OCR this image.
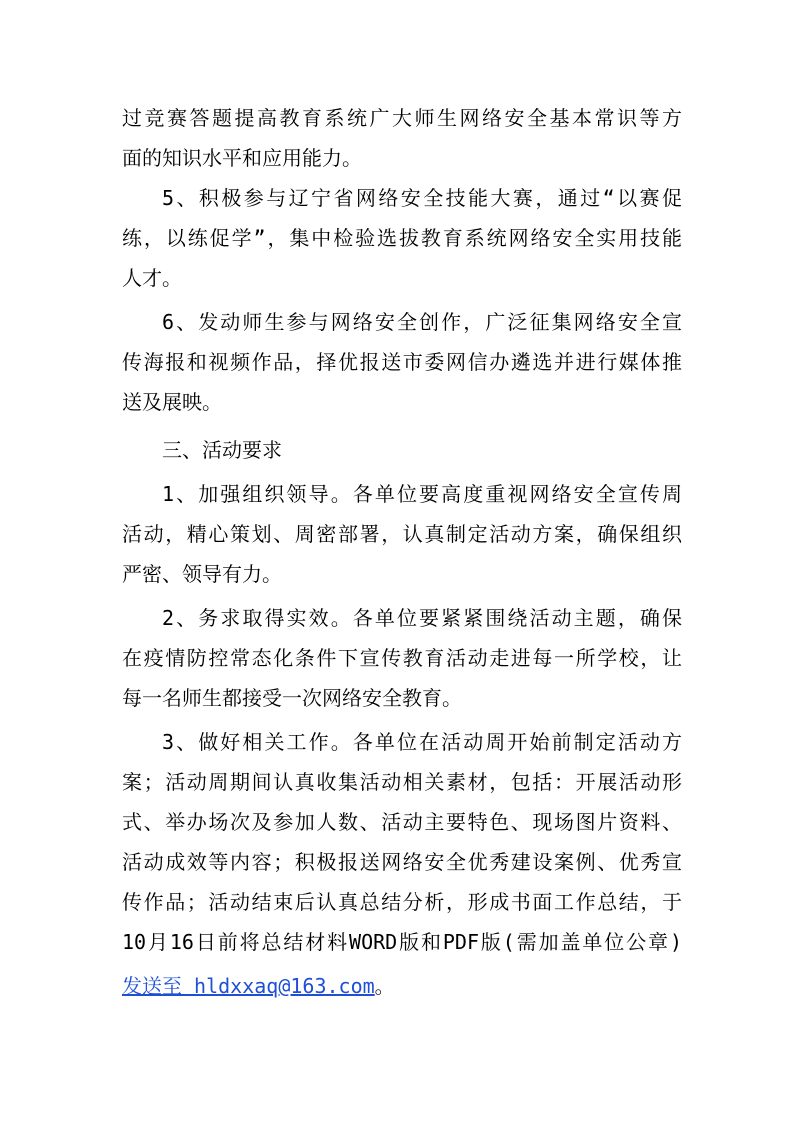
过竞赛答题提高教育系统广大师生网络安全基本常识等方
面的知识水平和应用能力。
5、积极参与辽宁省网络安全技能大赛，通过“以赛促
练，以练促学”，集中检验选拔教育系统网络安全实用技能
人才。
6、发动师生参与网络安全创作，广泛征集网络安全宣
传海报和视频作品，择优报送市委网信办遴选并进行媒体推
送及展映。
三、活动要求
1、加强组织领导。各单位要高度重视网络安全宣传周
活动，精心策划、周密部署，认真制定活动方案，确保组织
严密、领导有力。
2、务求取得实效。各单位要紧紧围绕活动主题，确保
在疫情防控常态化条件下宣传教育活动走进每一所学校，让
每一名师生都接受一次网络安全教育。
3、做好相关工作。各单位在活动周开始前制定活动方
案；活动周期间认真收集活动相关素材，包括：开展活动形
式、举办场次及参加人数、活动主要特色、现场图片资料、
活动成效等内容；积极报送网络安全优秀建设案例、优秀宣
传作品；活动结束后认真总结分析，形成书面工作总结，于
10月16日前将总结材料WORD版和PDF版(需加盖单位公章)
发送至 hldxxaq@163.com。
